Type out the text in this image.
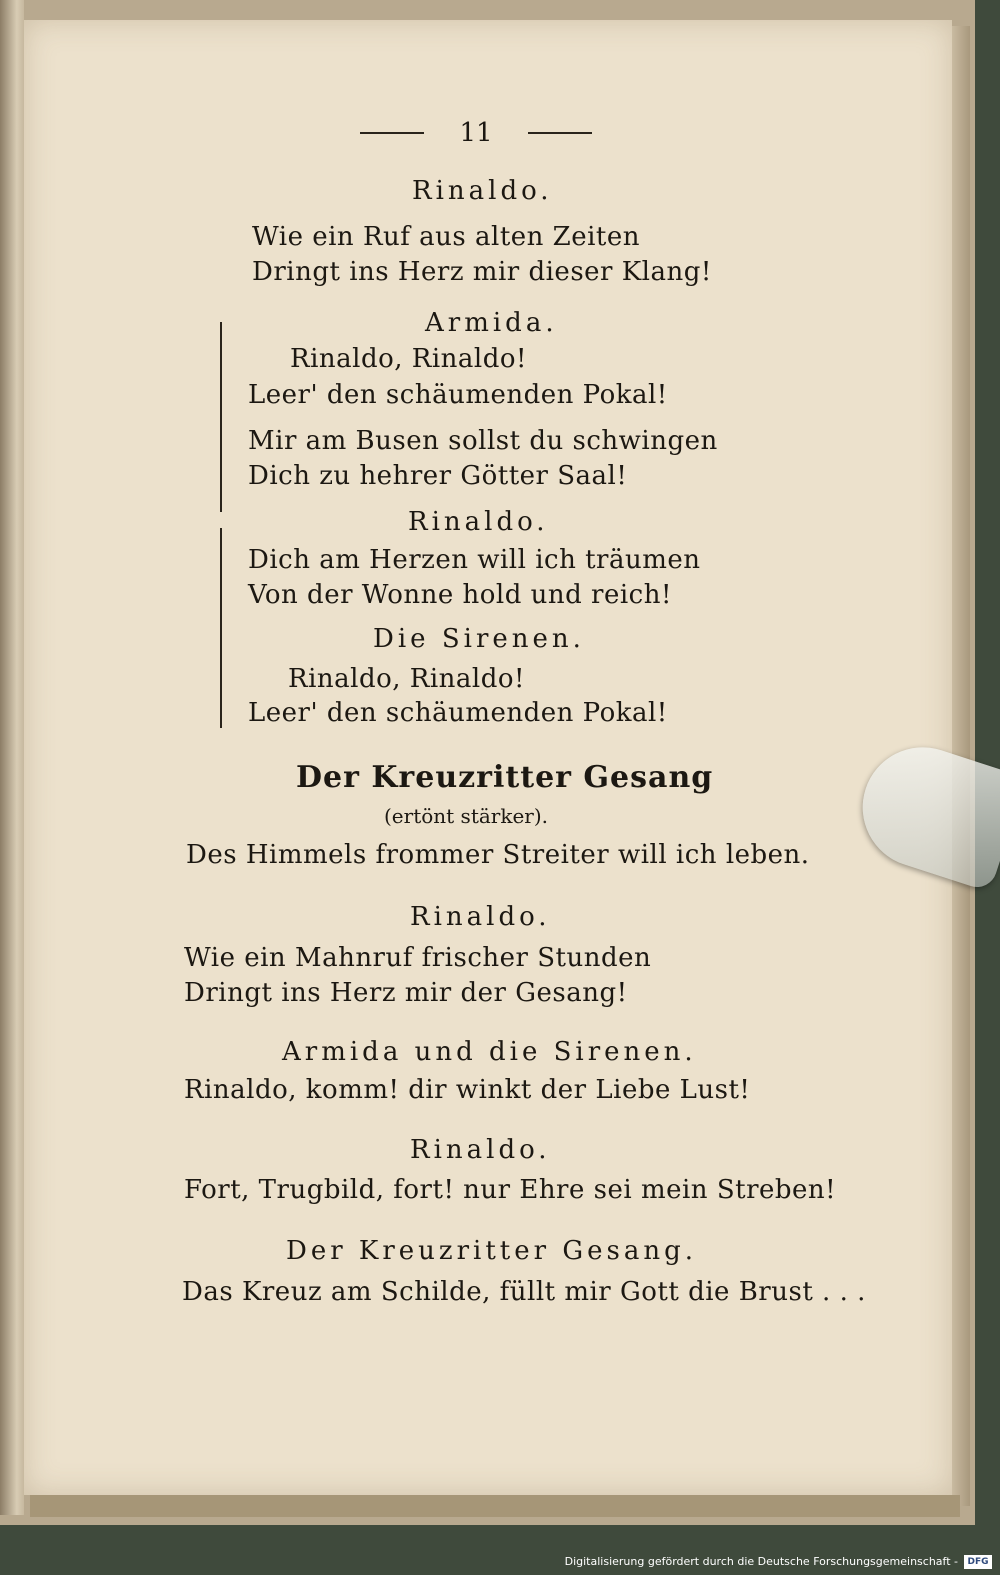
11
Rinaldo.
Wie ein Ruf aus alten Zeiten
Dringt ins Herz mir dieser Klang!
Armida.
Rinaldo, Rinaldo!
Leer' den schäumenden Pokal!
Mir am Busen sollst du schwingen
Dich zu hehrer Götter Saal!
Rinaldo.
Dich am Herzen will ich träumen
Von der Wonne hold und reich!
Die Sirenen.
Rinaldo, Rinaldo!
Leer' den schäumenden Pokal!
Der Kreuzritter Gesang
(ertönt stärker).
Des Himmels frommer Streiter will ich leben.
Rinaldo.
Wie ein Mahnruf frischer Stunden
Dringt ins Herz mir der Gesang!
Armida und die Sirenen.
Rinaldo, komm! dir winkt der Liebe Lust!
Rinaldo.
Fort, Trugbild, fort! nur Ehre sei mein Streben!
Der Kreuzritter Gesang.
Das Kreuz am Schilde, füllt mir Gott die Brust . . .
Digitalisierung gefördert durch die Deutsche Forschungsgemeinschaft -	DFG
